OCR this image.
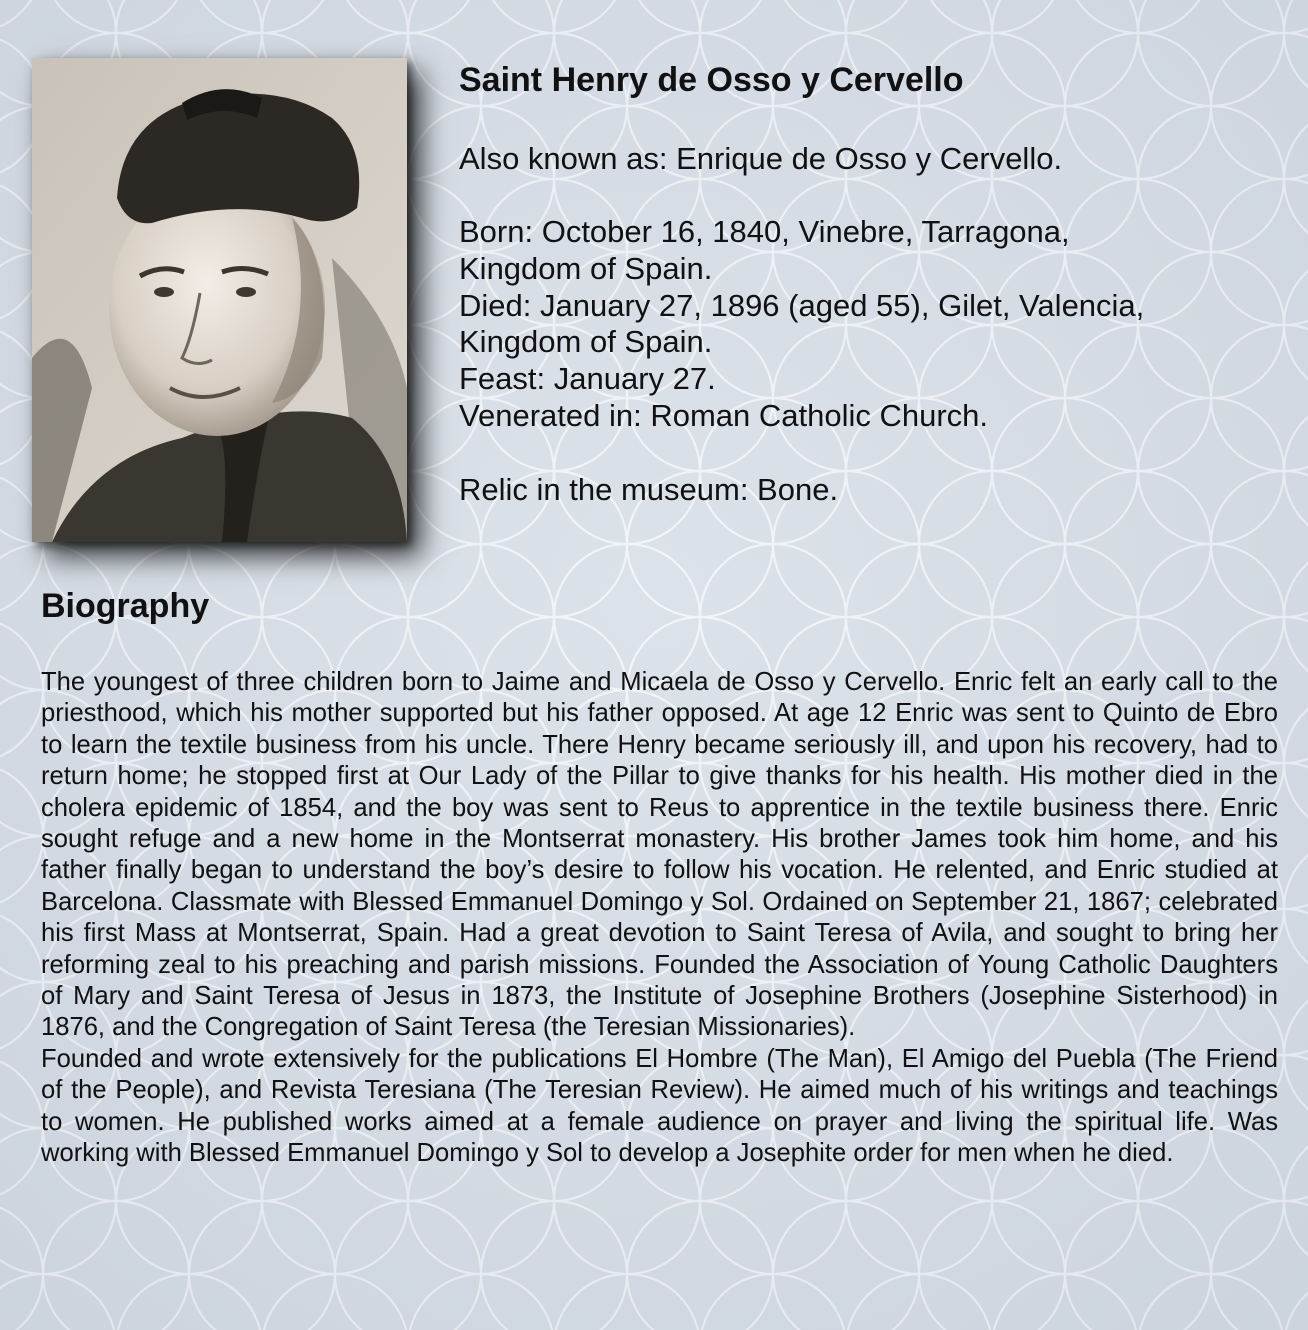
Saint Henry de Osso y Cervello

Also known as: Enrique de Osso y Cervello.

Born: October 16, 1840, Vinebre, Tarragona,

Kingdom of Spain.

Died: January 27, 1896 (aged 55), Gilet, Valencia,

Kingdom of Spain.

Feast: January 27.

Venerated in: Roman Catholic Church.

Relic in the museum: Bone.

Biography

The youngest of three children born to Jaime and Micaela de Osso y Cervello. Enric felt an early call to the priesthood, which his mother supported but his father opposed. At age 12 Enric was sent to Quinto de Ebro to learn the textile business from his uncle. There Henry became seriously ill, and upon his recovery, had to return home; he stopped first at Our Lady of the Pillar to give thanks for his health. His mother died in the cholera epidemic of 1854, and the boy was sent to Reus to apprentice in the textile business there. Enric sought refuge and a new home in the Montserrat monastery. His brother James took him home, and his father finally began to understand the boy’s desire to follow his vocation. He relented, and Enric studied at Barcelona. Classmate with Blessed Emmanuel Domingo y Sol. Ordained on September 21, 1867; celebrated his first Mass at Montserrat, Spain. Had a great devotion to Saint Teresa of Avila, and sought to bring her reforming zeal to his preaching and parish missions. Founded the Association of Young Catholic Daughters of Mary and Saint Teresa of Jesus in 1873, the Institute of Josephine Brothers (Josephine Sisterhood) in 1876, and the Congregation of Saint Teresa (the Teresian Missionaries).

Founded and wrote extensively for the publications El Hombre (The Man), El Amigo del Puebla (The Friend of the People), and Revista Teresiana (The Teresian Review). He aimed much of his writings and teachings to women. He published works aimed at a female audience on prayer and living the spiritual life. Was working with Blessed Emmanuel Domingo y Sol to develop a Josephite order for men when he died.
